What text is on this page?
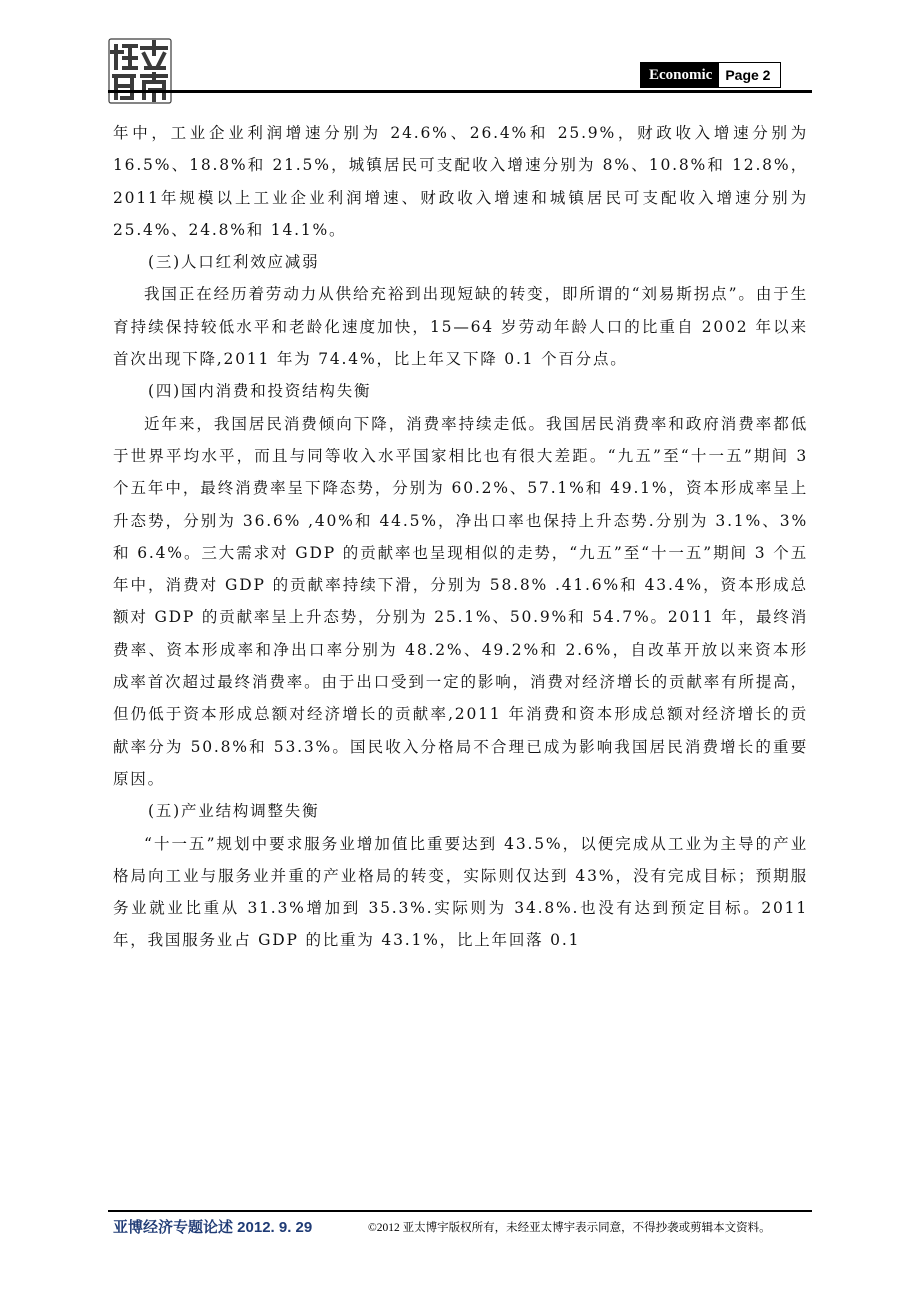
Economic Page 2

年中，工业企业利润增速分别为 24.6%、26.4%和 25.9%，财政收入增速分别为16.5%、18.8%和 21.5%，城镇居民可支配收入增速分别为 8%、10.8%和 12.8%，2011年规模以上工业企业利润增速、财政收入增速和城镇居民可支配收入增速分别为25.4%、24.8%和 14.1%。

(三)人口红利效应减弱

我国正在经历着劳动力从供给充裕到出现短缺的转变，即所谓的“刘易斯拐点”。由于生育持续保持较低水平和老龄化速度加快，15—64 岁劳动年龄人口的比重自 2002 年以来首次出现下降,2011 年为 74.4%，比上年又下降 0.1 个百分点。

(四)国内消费和投资结构失衡

近年来，我国居民消费倾向下降，消费率持续走低。我国居民消费率和政府消费率都低于世界平均水平，而且与同等收入水平国家相比也有很大差距。“九五”至“十一五”期间 3 个五年中，最终消费率呈下降态势，分别为 60.2%、57.1%和 49.1%，资本形成率呈上升态势，分别为 36.6% ,40%和 44.5%，净出口率也保持上升态势.分别为 3.1%、3%和 6.4%。三大需求对 GDP 的贡献率也呈现相似的走势，“九五”至“十一五”期间 3 个五年中，消费对 GDP 的贡献率持续下滑，分别为 58.8% .41.6%和 43.4%，资本形成总额对 GDP 的贡献率呈上升态势，分别为 25.1%、50.9%和 54.7%。2011 年，最终消费率、资本形成率和净出口率分别为 48.2%、49.2%和 2.6%，自改革开放以来资本形成率首次超过最终消费率。由于出口受到一定的影响，消费对经济增长的贡献率有所提高，但仍低于资本形成总额对经济增长的贡献率,2011 年消费和资本形成总额对经济增长的贡献率分为 50.8%和 53.3%。国民收入分格局不合理已成为影响我国居民消费增长的重要原因。

(五)产业结构调整失衡

“十一五”规划中要求服务业增加值比重要达到 43.5%，以便完成从工业为主导的产业格局向工业与服务业并重的产业格局的转变，实际则仅达到 43%，没有完成目标；预期服务业就业比重从 31.3%增加到 35.3%.实际则为 34.8%.也没有达到预定目标。2011 年，我国服务业占 GDP 的比重为 43.1%，比上年回落 0.1

亚博经济专题论述 2012. 9. 29	©2012 亚太博宇版权所有，未经亚太博宇表示同意，不得抄袭或剪辑本文资料。
